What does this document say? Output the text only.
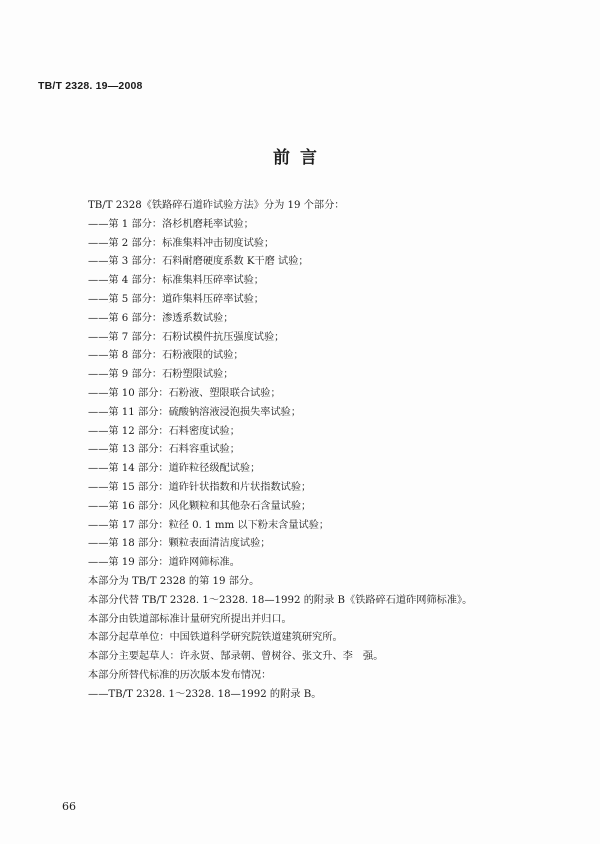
TB/T 2328. 19—2008
前言
TB/T 2328《铁路碎石道砟试验方法》分为 19 个部分：
——第 1 部分：洛杉机磨耗率试验；
——第 2 部分：标准集料冲击韧度试验；
——第 3 部分：石料耐磨硬度系数 K干磨 试验；
——第 4 部分：标准集料压碎率试验；
——第 5 部分：道砟集料压碎率试验；
——第 6 部分：渗透系数试验；
——第 7 部分：石粉试模件抗压强度试验；
——第 8 部分：石粉液限的试验；
——第 9 部分：石粉塑限试验；
——第 10 部分：石粉液、塑限联合试验；
——第 11 部分：硫酸钠溶液浸泡损失率试验；
——第 12 部分：石料密度试验；
——第 13 部分：石料容重试验；
——第 14 部分：道砟粒径级配试验；
——第 15 部分：道砟针状指数和片状指数试验；
——第 16 部分：风化颗粒和其他杂石含量试验；
——第 17 部分：粒径 0. 1 mm 以下粉末含量试验；
——第 18 部分：颗粒表面清洁度试验；
——第 19 部分：道砟网筛标准。
本部分为 TB/T 2328 的第 19 部分。
本部分代替 TB/T 2328. 1～2328. 18—1992 的附录 B《铁路碎石道砟网筛标准》。
本部分由铁道部标准计量研究所提出并归口。
本部分起草单位：中国铁道科学研究院铁道建筑研究所。
本部分主要起草人：许永贤、郜录朝、曾树谷、张文升、李　强。
本部分所替代标准的历次版本发布情况：
——TB/T 2328. 1～2328. 18—1992 的附录 B。
66
